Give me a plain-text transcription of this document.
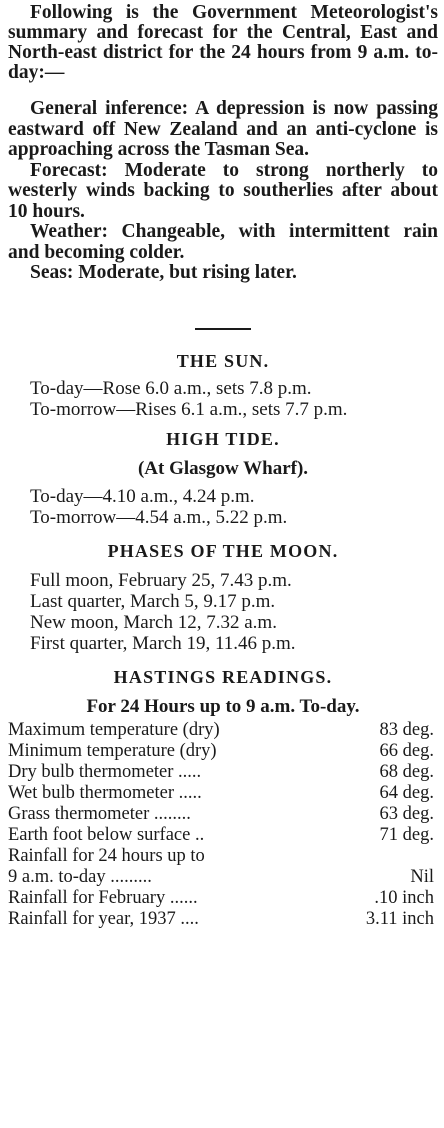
Following is the Government Meteorologist's summary and forecast for the Central, East and North-east district for the 24 hours from 9 a.m. to-day:—

General inference: A depression is now passing eastward off New Zealand and an anti-cyclone is approaching across the Tasman Sea.

Forecast: Moderate to strong northerly to westerly winds backing to southerlies after about 10 hours.

Weather: Changeable, with intermittent rain and becoming colder.

Seas: Moderate, but rising later.

THE SUN.

To-day—Rose 6.0 a.m., sets 7.8 p.m.

To-morrow—Rises 6.1 a.m., sets 7.7 p.m.

HIGH TIDE.

(At Glasgow Wharf).

To-day—4.10 a.m., 4.24 p.m.

To-morrow—4.54 a.m., 5.22 p.m.

PHASES OF THE MOON.

Full moon, February 25, 7.43 p.m.

Last quarter, March 5, 9.17 p.m.

New moon, March 12, 7.32 a.m.

First quarter, March 19, 11.46 p.m.

HASTINGS READINGS.

For 24 Hours up to 9 a.m. To-day.

Maximum temperature (dry)	83 deg.
Minimum temperature (dry)	66 deg.
Dry bulb thermometer .....	68 deg.
Wet bulb thermometer .....	64 deg.
Grass thermometer ........	63 deg.
Earth foot below surface ..	71 deg.
Rainfall for 24 hours up to	
9 a.m. to-day .........	Nil
Rainfall for February ......	.10 inch
Rainfall for year, 1937 ....	3.11 inch
